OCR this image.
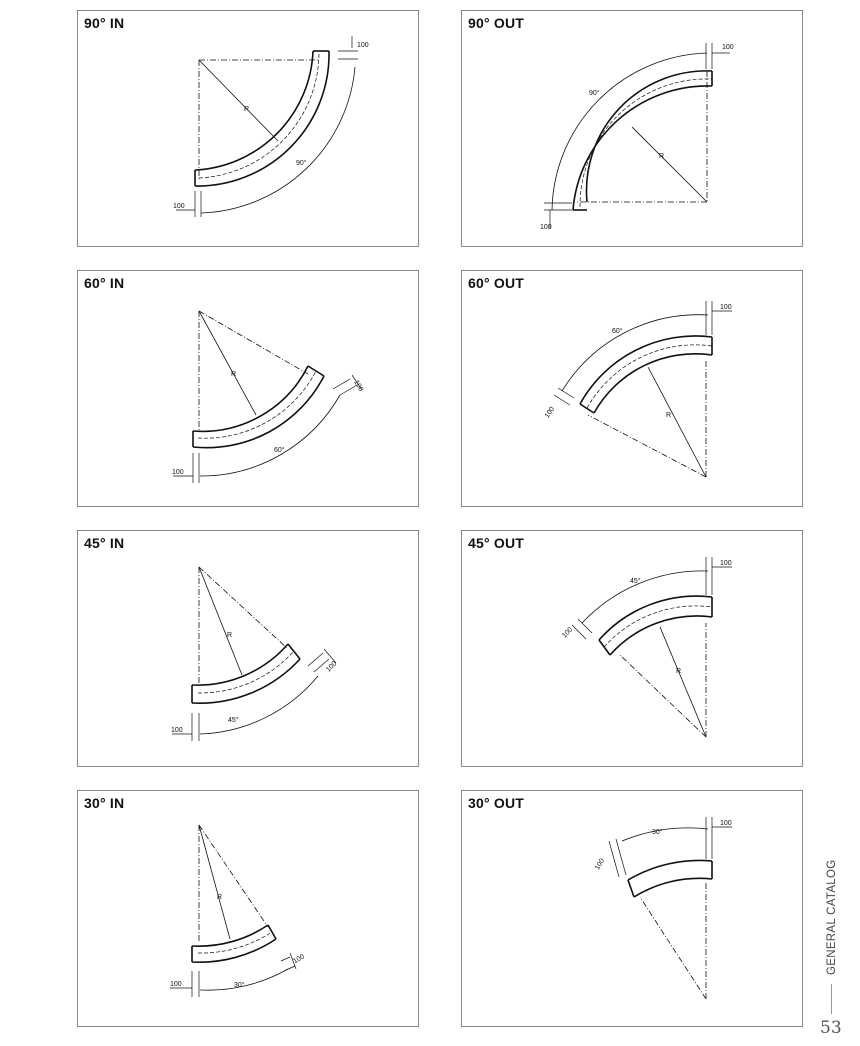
90° IN
R
90°
100
100
90° OUT
R
90°
100
100
60° IN
R
60°
100
100
60° OUT
R
60°
100
100
45° IN
R
45°
100
100
45° OUT
R
45°
100
100
30° IN
R
30°
100
100
30° OUT
30°
100
100	GENERAL CATALOG
53
